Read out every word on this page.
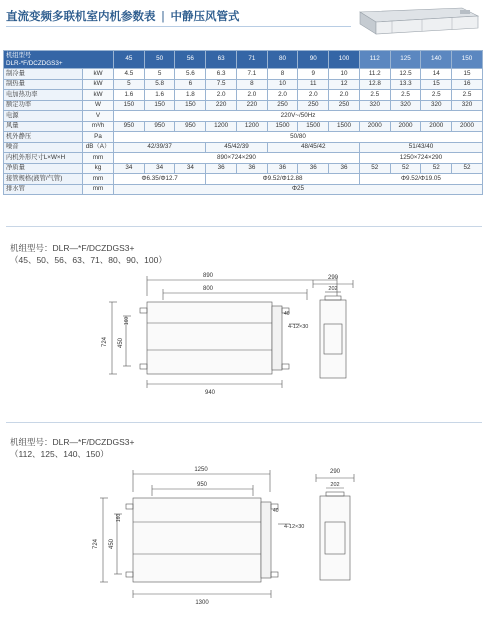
直流变频多联机室内机参数表 | 中静压风管式
机组型号
DLR-*F/DCZDGS3+		45	50	56	63	71	80	90	100	112	125	140	150
制冷量	kW	4.5	5	5.6	6.3	7.1	8	9	10	11.2	12.5	14	15
制热量	kW	5	5.8	6	7.5	8	10	11	12	12.8	13.3	15	16
电加热功率	kW	1.6	1.6	1.8	2.0	2.0	2.0	2.0	2.0	2.5	2.5	2.5	2.5
额定功率	W	150	150	150	220	220	250	250	250	320	320	320	320
电源	V	220V~/50Hz											
风量	m³/h	950	950	950	1200	1200	1500	1500	1500	2000	2000	2000	2000
机外静压	Pa	50/80											
噪音	dB（A）	42/39/37			45/42/39		48/45/42			51/43/40			
内机外形尺寸L×W×H	mm	890×724×290								1250×724×290			
净质量	kg	34	34	34	36	36	36	36	36	52	52	52	52
接管规格(液管/气管)	mm	Φ6.35/Φ12.7			Φ9.52/Φ12.88					Φ9.52/Φ19.05			
排水管	mm	Φ25											
机组型号：DLR—*F/DCZDGS3+
（45、50、56、63、71、80、90、100）
890
800
940
724 450
160
4-12×30
290
202
40
机组型号：DLR—*F/DCZDGS3+
（112、125、140、150）
1250
950
1300
724 450
160
4-12×30
290
202
40
